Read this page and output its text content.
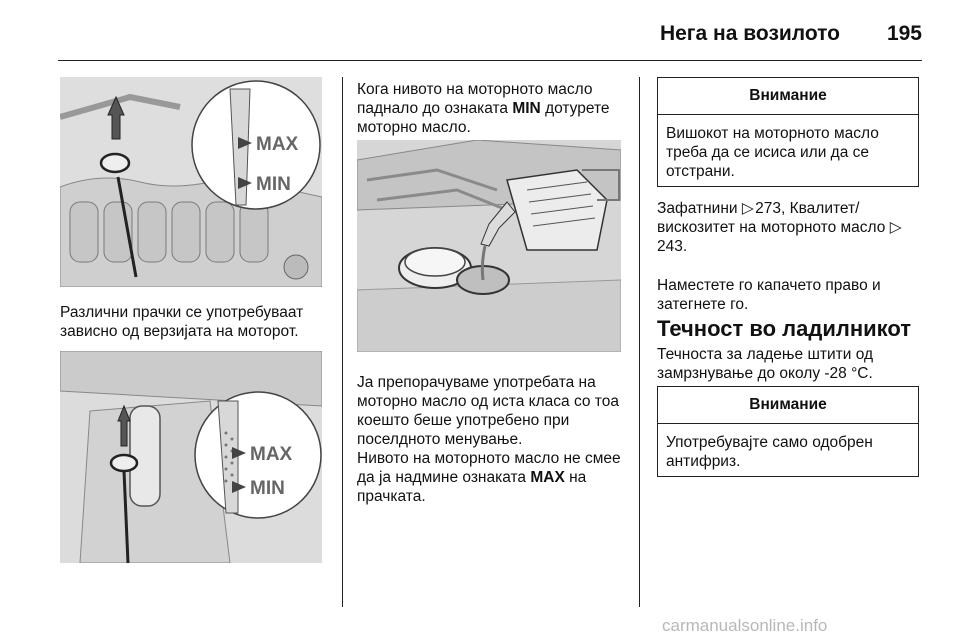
Нега на возилото	195
MAX
MIN
Различни прачки се употребуваат зависно од верзијата на моторот.
MAX
MIN
Кога нивото на моторното масло паднало до ознаката MIN дотурете моторно масло.
Ја препорачуваме употребата на моторно масло од иста класа со тоа коешто беше употребено при поселдното менување.
Нивото на моторното масло не смее да ја надмине ознаката MAX на прачката.
Внимание
Вишокот на моторното масло треба да се исиса или да се отстрани.
Зафатнини ▷ 273, Квалитет/ вискозитет на моторното масло ▷ 243.
Наместете го капачето право и затегнете го.
Течност во ладилникот
Течноста за ладење штити од замрзнување до околу -28 °C.
Внимание
Употребувајте само одобрен антифриз.
carmanualsonline.info
